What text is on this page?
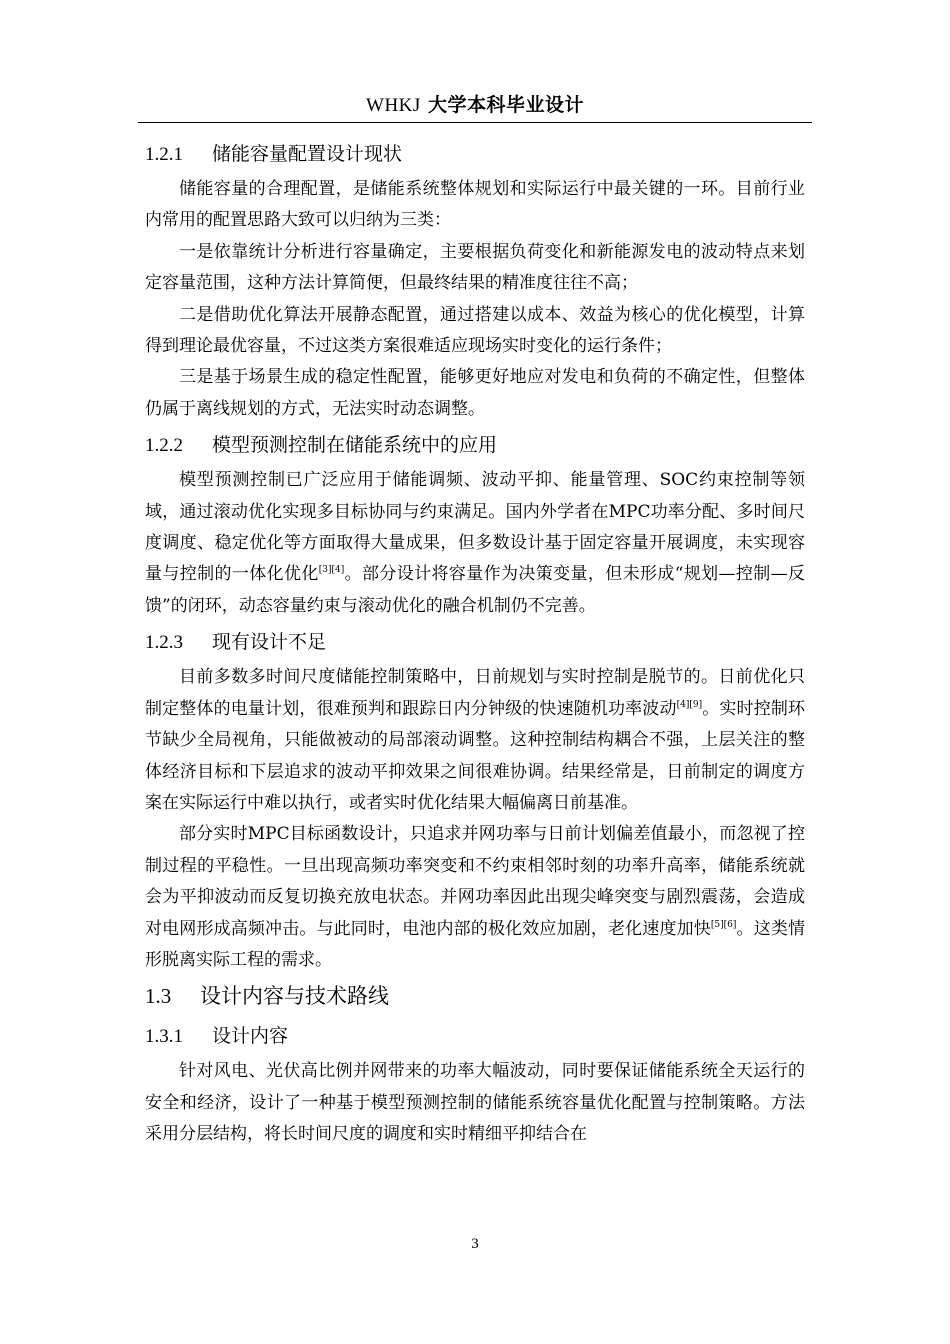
WHKJ 大学本科毕业设计
1.2.1 储能容量配置设计现状

储能容量的合理配置，是储能系统整体规划和实际运行中最关键的一环。目前行业内常用的配置思路大致可以归纳为三类：

一是依靠统计分析进行容量确定，主要根据负荷变化和新能源发电的波动特点来划定容量范围，这种方法计算简便，但最终结果的精准度往往不高；

二是借助优化算法开展静态配置，通过搭建以成本、效益为核心的优化模型，计算得到理论最优容量，不过这类方案很难适应现场实时变化的运行条件；

三是基于场景生成的稳定性配置，能够更好地应对发电和负荷的不确定性，但整体仍属于离线规划的方式，无法实时动态调整。

1.2.2 模型预测控制在储能系统中的应用

模型预测控制已广泛应用于储能调频、波动平抑、能量管理、SOC约束控制等领域，通过滚动优化实现多目标协同与约束满足。国内外学者在MPC功率分配、多时间尺度调度、稳定优化等方面取得大量成果，但多数设计基于固定容量开展调度，未实现容量与控制的一体化优化[3][4]。部分设计将容量作为决策变量，但未形成“规划—控制—反馈”的闭环，动态容量约束与滚动优化的融合机制仍不完善。

1.2.3 现有设计不足

目前多数多时间尺度储能控制策略中，日前规划与实时控制是脱节的。日前优化只制定整体的电量计划，很难预判和跟踪日内分钟级的快速随机功率波动[4][9]。实时控制环节缺少全局视角，只能做被动的局部滚动调整。这种控制结构耦合不强，上层关注的整体经济目标和下层追求的波动平抑效果之间很难协调。结果经常是，日前制定的调度方案在实际运行中难以执行，或者实时优化结果大幅偏离日前基准。

部分实时MPC目标函数设计，只追求并网功率与日前计划偏差值最小，而忽视了控制过程的平稳性。一旦出现高频功率突变和不约束相邻时刻的功率升高率，储能系统就会为平抑波动而反复切换充放电状态。并网功率因此出现尖峰突变与剧烈震荡，会造成对电网形成高频冲击。与此同时，电池内部的极化效应加剧，老化速度加快[5][6]。这类情形脱离实际工程的需求。

1.3 设计内容与技术路线
1.3.1 设计内容

针对风电、光伏高比例并网带来的功率大幅波动，同时要保证储能系统全天运行的安全和经济，设计了一种基于模型预测控制的储能系统容量优化配置与控制策略。方法采用分层结构，将长时间尺度的调度和实时精细平抑结合在

3
